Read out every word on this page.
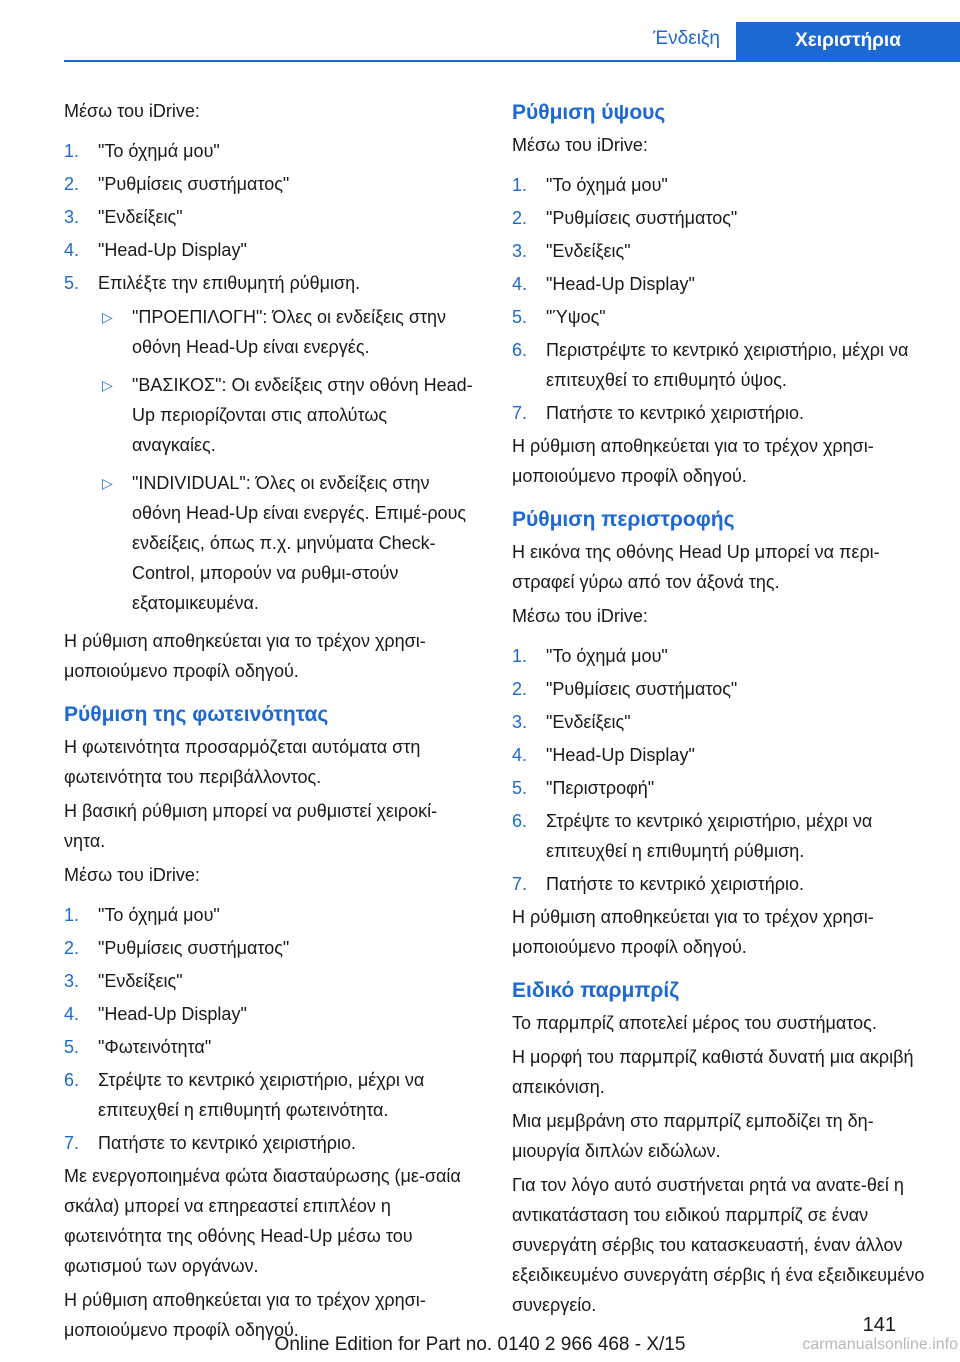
Ένδειξη	Χειριστήρια

Μέσω του iDrive:

1. "Το όχημά μου"
2. "Ρυθμίσεις συστήματος"
3. "Ενδείξεις"
4. "Head-Up Display"
5. Επιλέξτε την επιθυμητή ρύθμιση.
▷ "ΠΡΟΕΠΙΛΟΓΗ": Όλες οι ενδείξεις στην οθόνη Head-Up είναι ενεργές.
▷ "ΒΑΣΙΚΟΣ": Οι ενδείξεις στην οθόνη Head-Up περιορίζονται στις απολύτως αναγκαίες.
▷ "INDIVIDUAL": Όλες οι ενδείξεις στην οθόνη Head-Up είναι ενεργές. Επιμέ-ρους ενδείξεις, όπως π.χ. μηνύματα Check-Control, μπορούν να ρυθμι-στούν εξατομικευμένα.

Η ρύθμιση αποθηκεύεται για το τρέχον χρησι-μοποιούμενο προφίλ οδηγού.

Ρύθμιση της φωτεινότητας

Η φωτεινότητα προσαρμόζεται αυτόματα στη φωτεινότητα του περιβάλλοντος.

Η βασική ρύθμιση μπορεί να ρυθμιστεί χειροκί-νητα.

Μέσω του iDrive:

1. "Το όχημά μου"
2. "Ρυθμίσεις συστήματος"
3. "Ενδείξεις"
4. "Head-Up Display"
5. "Φωτεινότητα"
6. Στρέψτε το κεντρικό χειριστήριο, μέχρι να επιτευχθεί η επιθυμητή φωτεινότητα.
7. Πατήστε το κεντρικό χειριστήριο.

Με ενεργοποιημένα φώτα διασταύρωσης (με-σαία σκάλα) μπορεί να επηρεαστεί επιπλέον η φωτεινότητα της οθόνης Head-Up μέσω του φωτισμού των οργάνων.

Η ρύθμιση αποθηκεύεται για το τρέχον χρησι-μοποιούμενο προφίλ οδηγού.

Ρύθμιση ύψους

Μέσω του iDrive:

1. "Το όχημά μου"
2. "Ρυθμίσεις συστήματος"
3. "Ενδείξεις"
4. "Head-Up Display"
5. "Ύψος"
6. Περιστρέψτε το κεντρικό χειριστήριο, μέχρι να επιτευχθεί το επιθυμητό ύψος.
7. Πατήστε το κεντρικό χειριστήριο.

Η ρύθμιση αποθηκεύεται για το τρέχον χρησι-μοποιούμενο προφίλ οδηγού.

Ρύθμιση περιστροφής

Η εικόνα της οθόνης Head Up μπορεί να περι-στραφεί γύρω από τον άξονά της.

Μέσω του iDrive:

1. "Το όχημά μου"
2. "Ρυθμίσεις συστήματος"
3. "Ενδείξεις"
4. "Head-Up Display"
5. "Περιστροφή"
6. Στρέψτε το κεντρικό χειριστήριο, μέχρι να επιτευχθεί η επιθυμητή ρύθμιση.
7. Πατήστε το κεντρικό χειριστήριο.

Η ρύθμιση αποθηκεύεται για το τρέχον χρησι-μοποιούμενο προφίλ οδηγού.

Ειδικό παρμπρίζ

Το παρμπρίζ αποτελεί μέρος του συστήματος.

Η μορφή του παρμπρίζ καθιστά δυνατή μια ακριβή απεικόνιση.

Μια μεμβράνη στο παρμπρίζ εμποδίζει τη δη-μιουργία διπλών ειδώλων.

Για τον λόγο αυτό συστήνεται ρητά να ανατε-θεί η αντικατάσταση του ειδικού παρμπρίζ σε έναν συνεργάτη σέρβις του κατασκευαστή, έναν άλλον εξειδικευμένο συνεργάτη σέρβις ή ένα εξειδικευμένο συνεργείο.

141
Online Edition for Part no. 0140 2 966 468 - X/15	carmanualsonline.info
